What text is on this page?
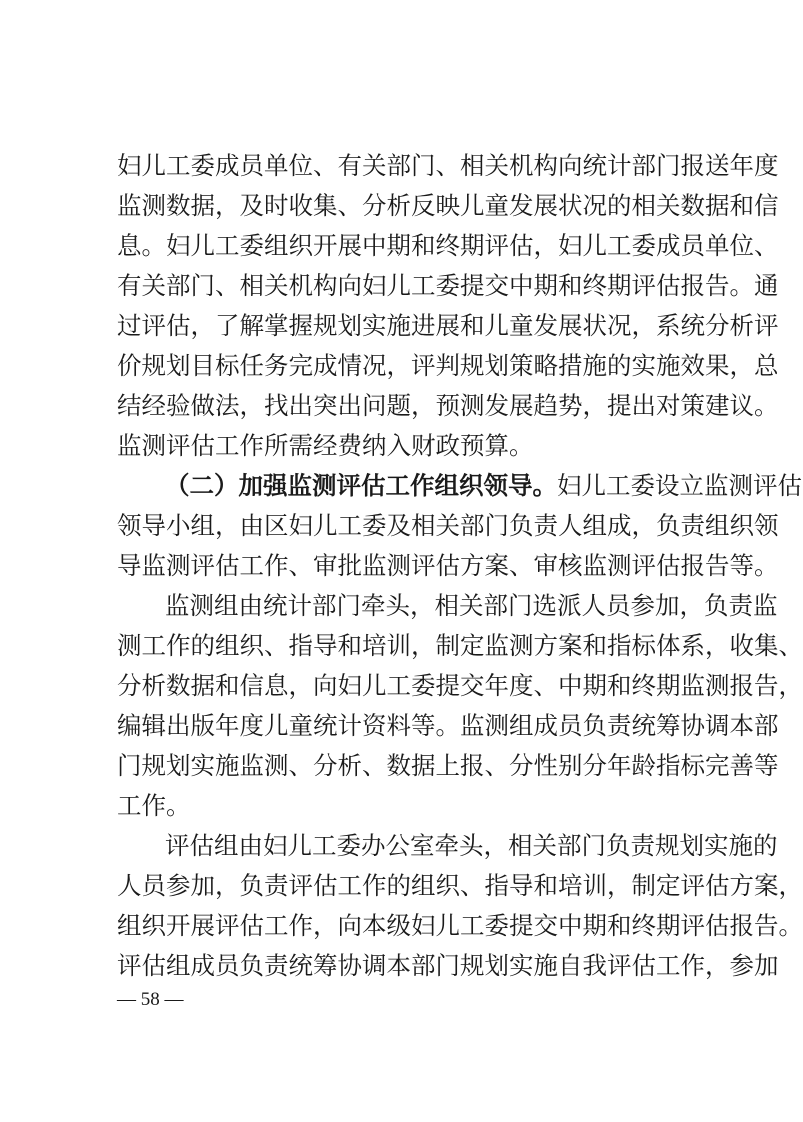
妇儿工委成员单位、有关部门、相关机构向统计部门报送年度
监测数据，及时收集、分析反映儿童发展状况的相关数据和信
息。妇儿工委组织开展中期和终期评估，妇儿工委成员单位、
有关部门、相关机构向妇儿工委提交中期和终期评估报告。通
过评估，了解掌握规划实施进展和儿童发展状况，系统分析评
价规划目标任务完成情况，评判规划策略措施的实施效果，总
结经验做法，找出突出问题，预测发展趋势，提出对策建议。
监测评估工作所需经费纳入财政预算。
（二）加强监测评估工作组织领导。妇儿工委设立监测评估
领导小组，由区妇儿工委及相关部门负责人组成，负责组织领
导监测评估工作、审批监测评估方案、审核监测评估报告等。
监测组由统计部门牵头，相关部门选派人员参加，负责监
测工作的组织、指导和培训，制定监测方案和指标体系，收集、
分析数据和信息，向妇儿工委提交年度、中期和终期监测报告，
编辑出版年度儿童统计资料等。监测组成员负责统筹协调本部
门规划实施监测、分析、数据上报、分性别分年龄指标完善等
工作。
评估组由妇儿工委办公室牵头，相关部门负责规划实施的
人员参加，负责评估工作的组织、指导和培训，制定评估方案，
组织开展评估工作，向本级妇儿工委提交中期和终期评估报告。
评估组成员负责统筹协调本部门规划实施自我评估工作，参加
— 58 —
